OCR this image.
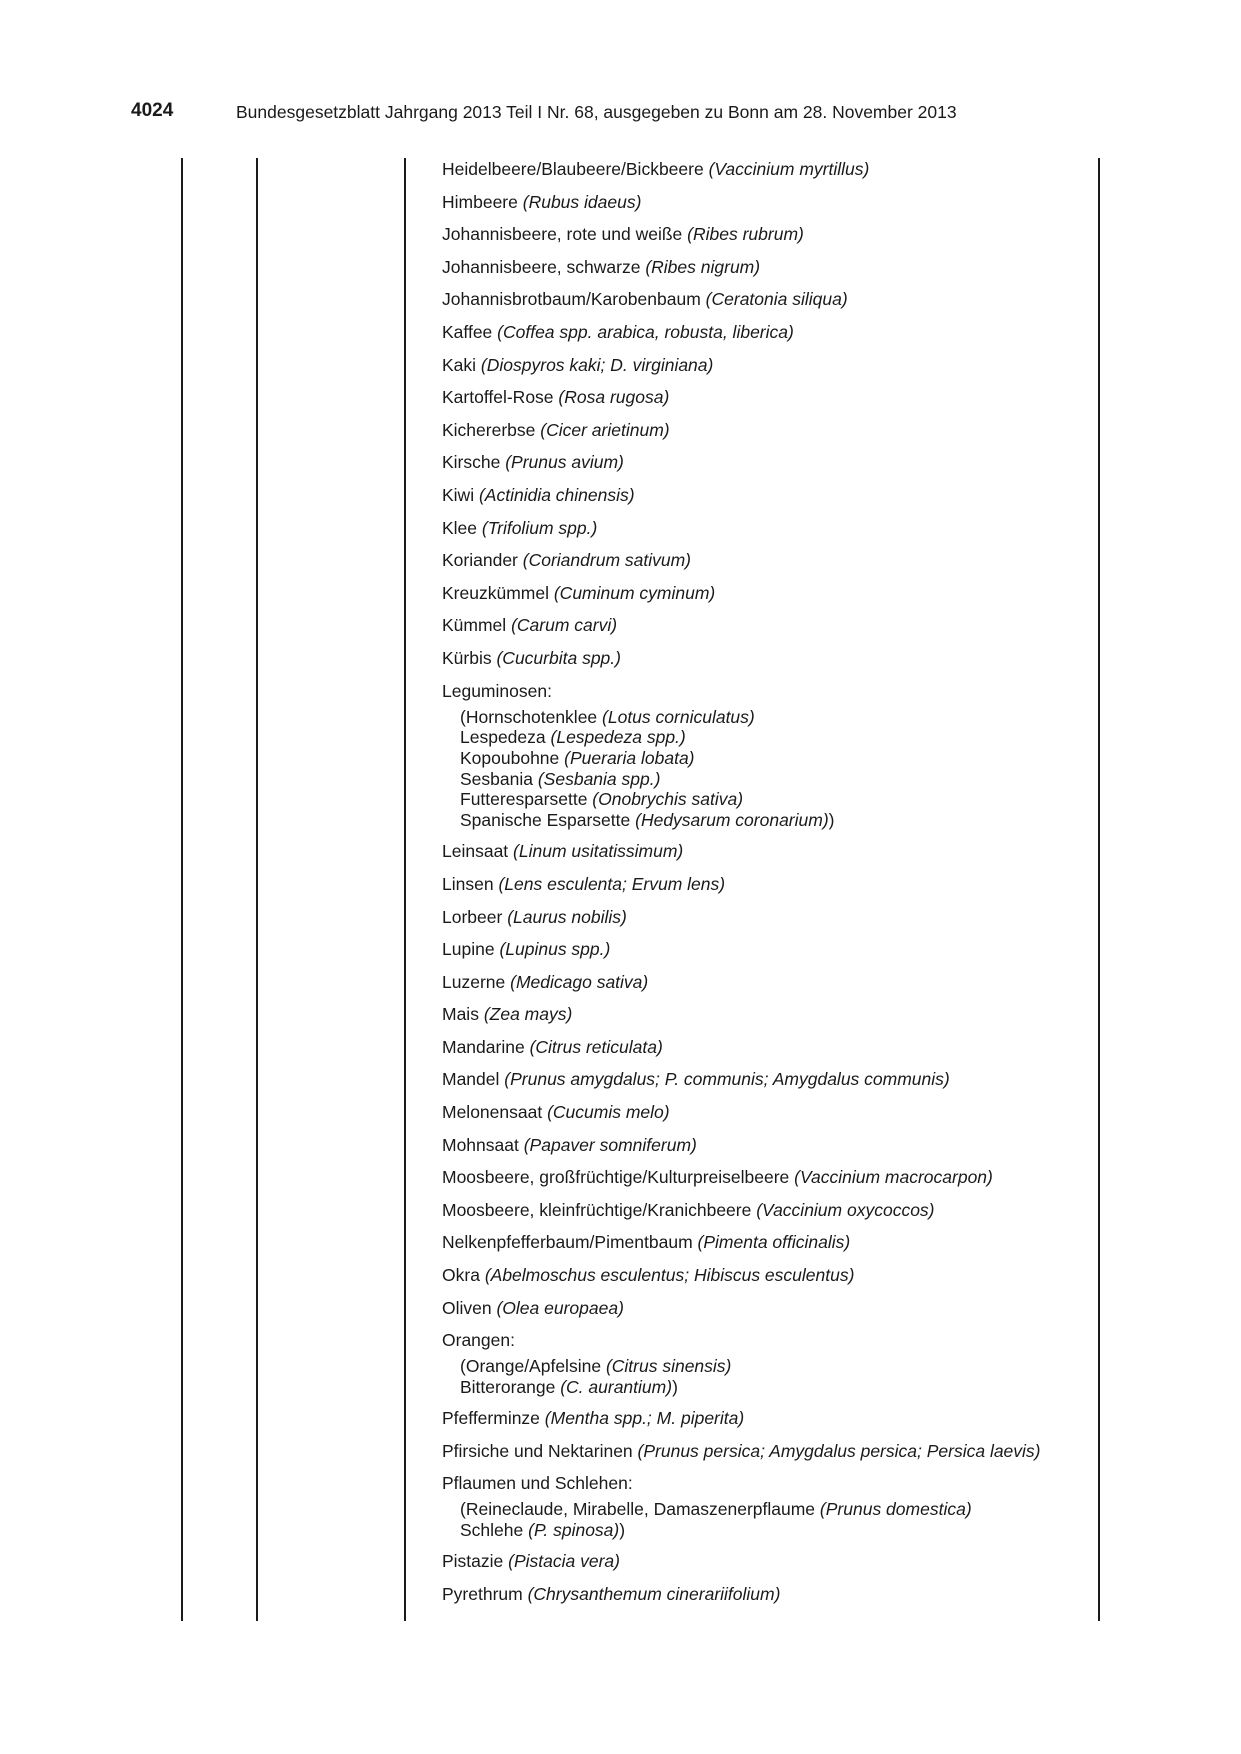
4024	Bundesgesetzblatt Jahrgang 2013 Teil I Nr. 68, ausgegeben zu Bonn am 28. November 2013
Heidelbeere/Blaubeere/Bickbeere (Vaccinium myrtillus)
Himbeere (Rubus idaeus)
Johannisbeere, rote und weiße (Ribes rubrum)
Johannisbeere, schwarze (Ribes nigrum)
Johannisbrotbaum/Karobenbaum (Ceratonia siliqua)
Kaffee (Coffea spp. arabica, robusta, liberica)
Kaki (Diospyros kaki; D. virginiana)
Kartoffel-Rose (Rosa rugosa)
Kichererbse (Cicer arietinum)
Kirsche (Prunus avium)
Kiwi (Actinidia chinensis)
Klee (Trifolium spp.)
Koriander (Coriandrum sativum)
Kreuzkümmel (Cuminum cyminum)
Kümmel (Carum carvi)
Kürbis (Cucurbita spp.)
Leguminosen:
(Hornschotenklee (Lotus corniculatus)
Lespedeza (Lespedeza spp.)
Kopoubohne (Pueraria lobata)
Sesbania (Sesbania spp.)
Futteresparsette (Onobrychis sativa)
Spanische Esparsette (Hedysarum coronarium))
Leinsaat (Linum usitatissimum)
Linsen (Lens esculenta; Ervum lens)
Lorbeer (Laurus nobilis)
Lupine (Lupinus spp.)
Luzerne (Medicago sativa)
Mais (Zea mays)
Mandarine (Citrus reticulata)
Mandel (Prunus amygdalus; P. communis; Amygdalus communis)
Melonensaat (Cucumis melo)
Mohnsaat (Papaver somniferum)
Moosbeere, großfrüchtige/Kulturpreiselbeere (Vaccinium macrocarpon)
Moosbeere, kleinfrüchtige/Kranichbeere (Vaccinium oxycoccos)
Nelkenpfefferbaum/Pimentbaum (Pimenta officinalis)
Okra (Abelmoschus esculentus; Hibiscus esculentus)
Oliven (Olea europaea)
Orangen:
(Orange/Apfelsine (Citrus sinensis)
Bitterorange (C. aurantium))
Pfefferminze (Mentha spp.; M. piperita)
Pfirsiche und Nektarinen (Prunus persica; Amygdalus persica; Persica laevis)
Pflaumen und Schlehen:
(Reineclaude, Mirabelle, Damaszenerpflaume (Prunus domestica)
Schlehe (P. spinosa))
Pistazie (Pistacia vera)
Pyrethrum (Chrysanthemum cinerariifolium)
